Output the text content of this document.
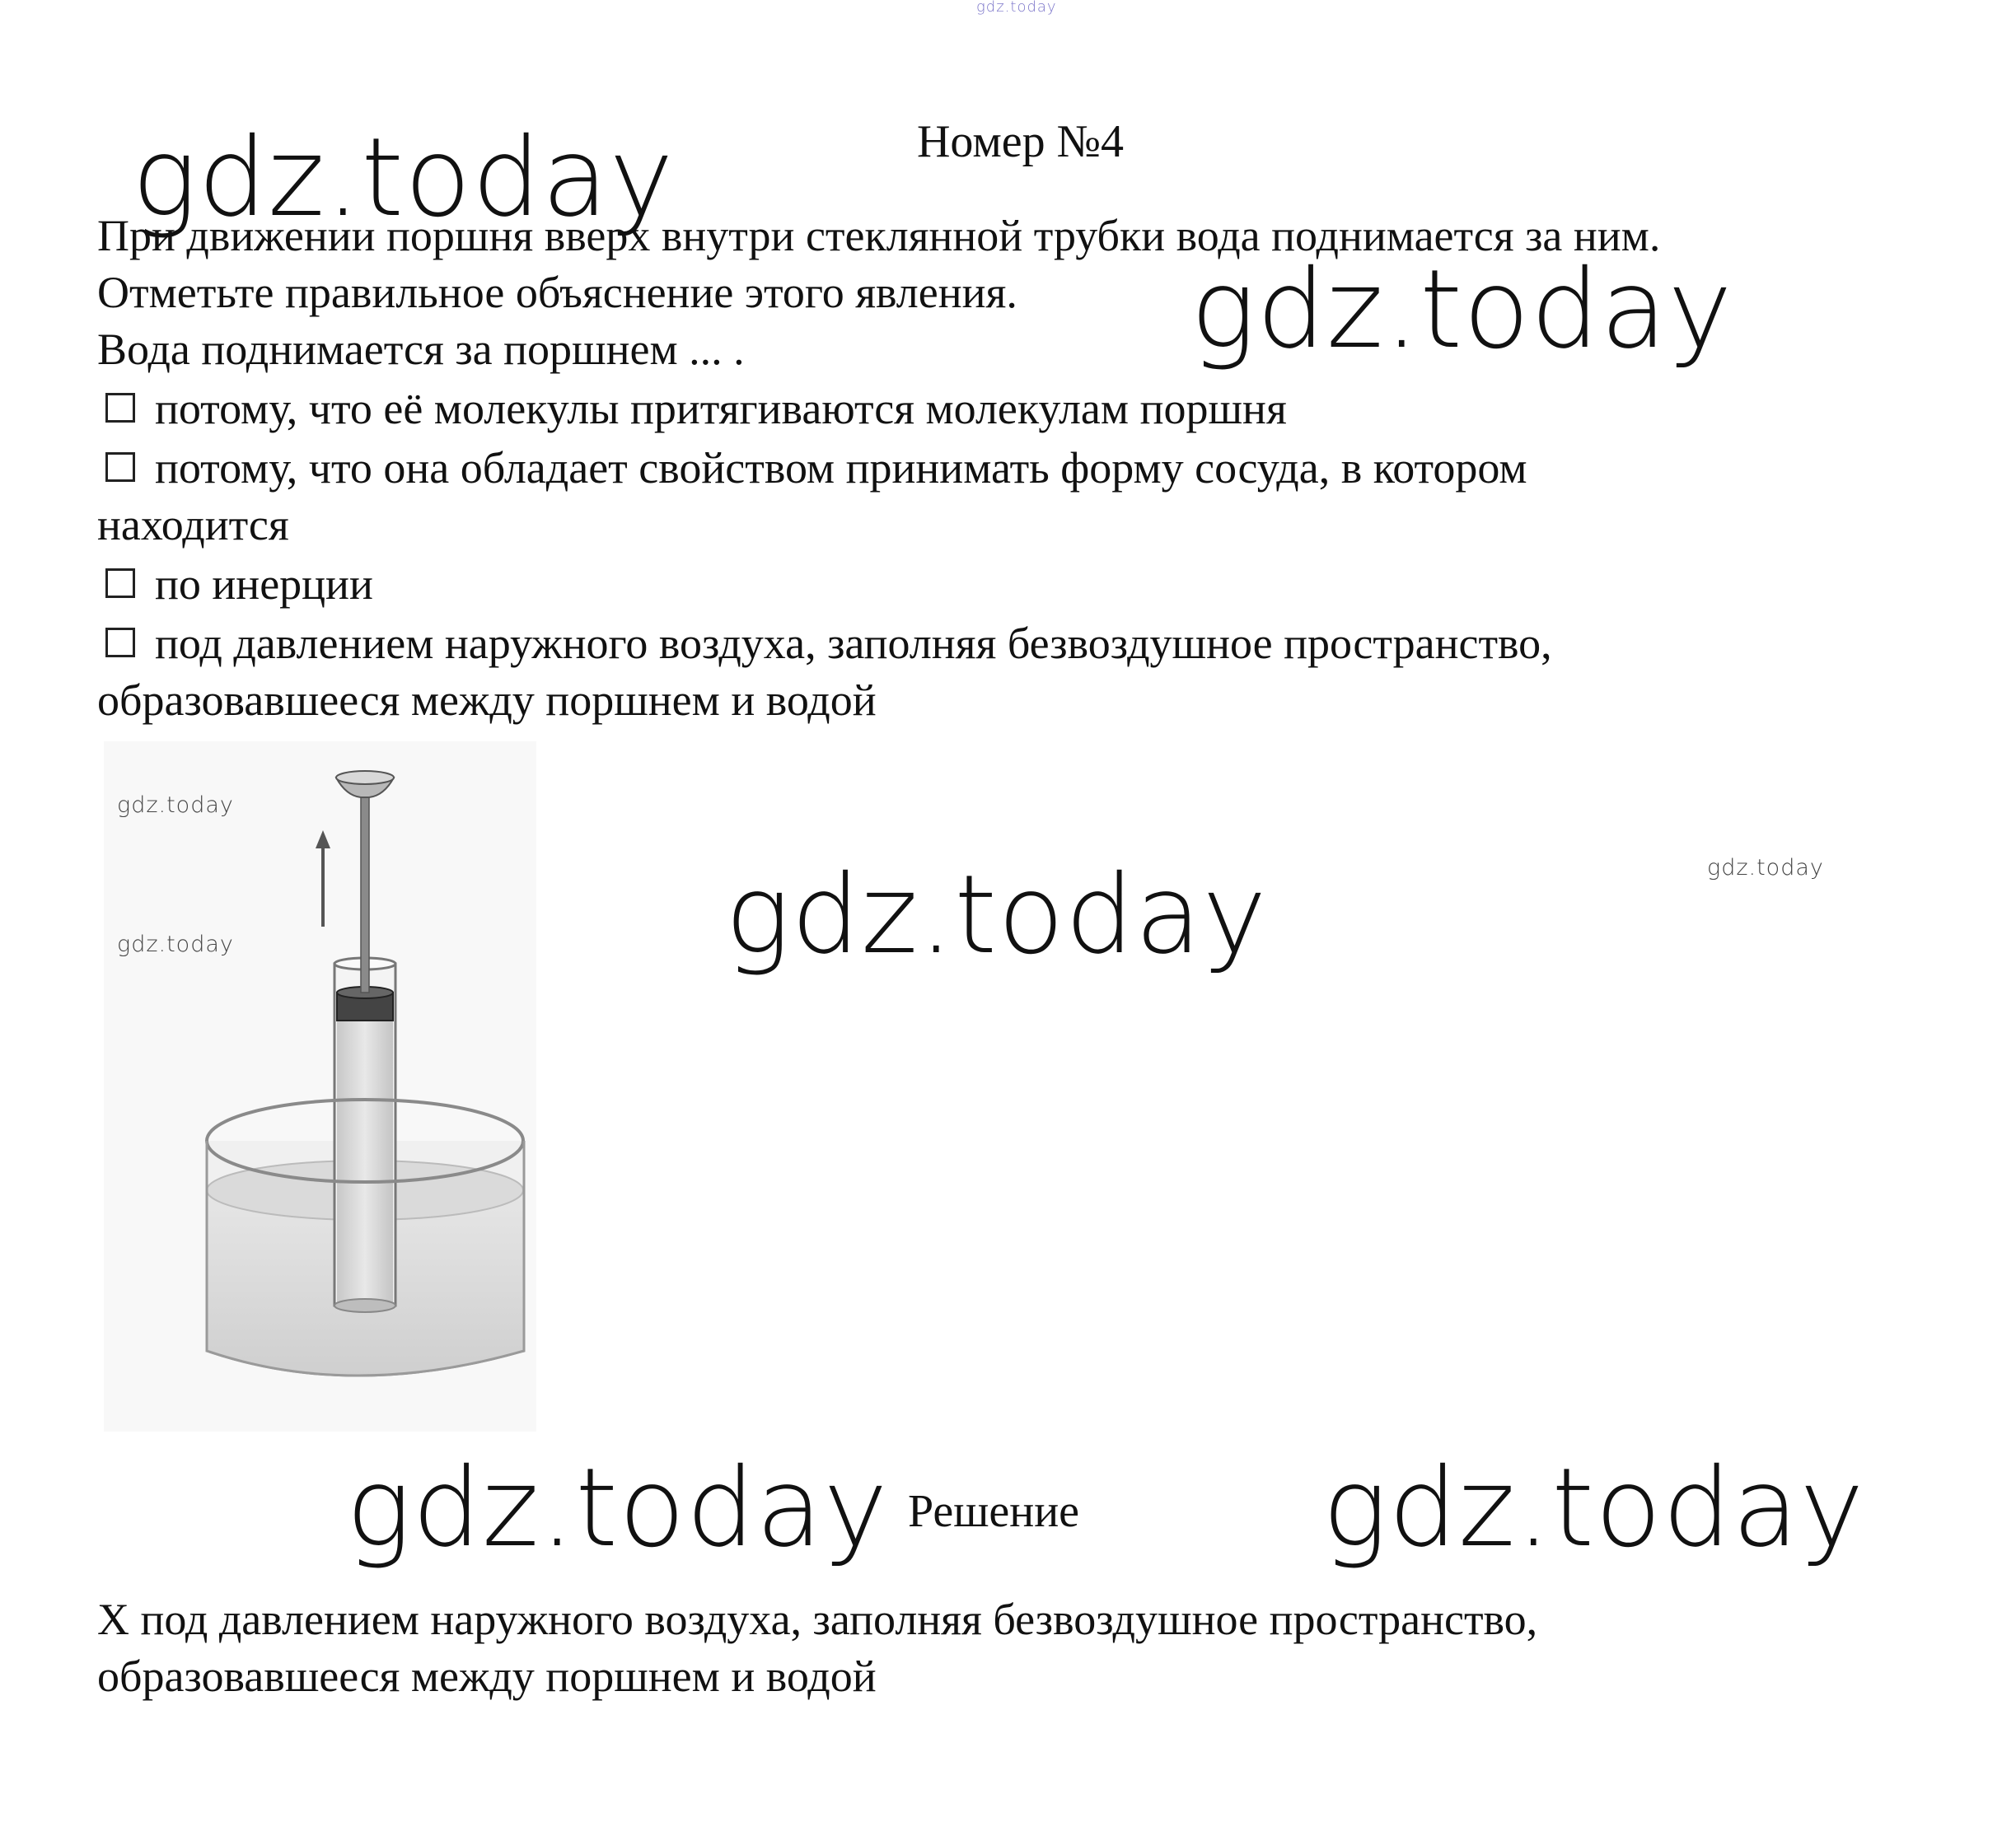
gdz.today
gdz.today
gdz.today
gdz.today
gdz.today	gdz.today
Номер №4
При движении поршня вверх внутри стеклянной трубки вода поднимается за ним.
Отметьте правильное объяснение этого явления.
Вода поднимается за поршнем ... .
потому, что её молекулы притягиваются молекулам поршня
потому, что она обладает свойством принимать форму сосуда, в котором
находится
по инерции
под давлением наружного воздуха, заполняя безвоздушное пространство,
образовавшееся между поршнем и водой
gdz.today
gdz.today
gdz.today
Решение
Х под давлением наружного воздуха, заполняя безвоздушное пространство,
образовавшееся между поршнем и водой
